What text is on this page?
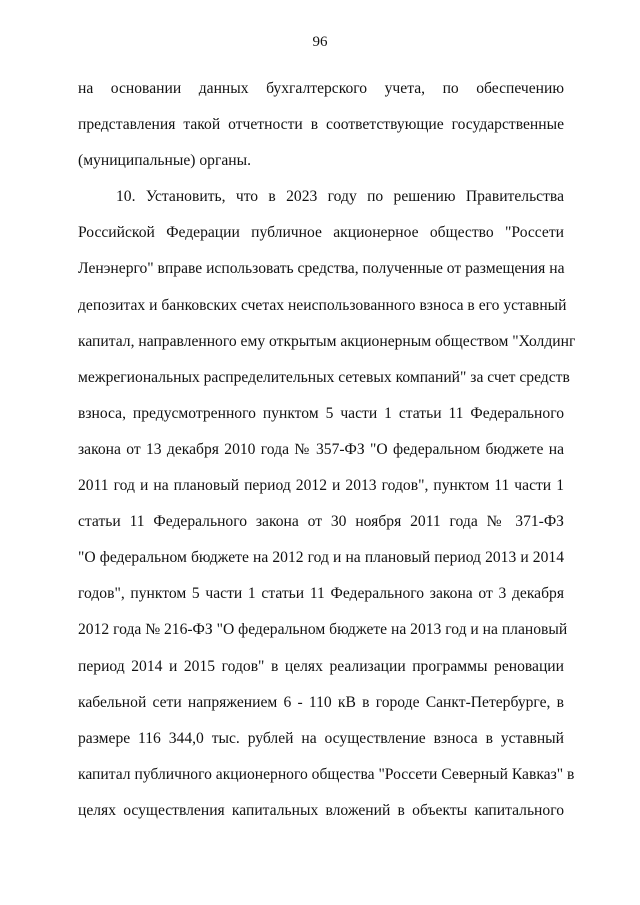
96
на основании данных бухгалтерского учета, по обеспечению
представления такой отчетности в соответствующие государственные
(муниципальные) органы.
10. Установить, что в 2023 году по решению Правительства
Российской Федерации публичное акционерное общество "Россети
Ленэнерго" вправе использовать средства, полученные от размещения на
депозитах и банковских счетах неиспользованного взноса в его уставный
капитал, направленного ему открытым акционерным обществом "Холдинг
межрегиональных распределительных сетевых компаний" за счет средств
взноса, предусмотренного пунктом 5 части 1 статьи 11 Федерального
закона от 13 декабря 2010 года № 357-ФЗ "О федеральном бюджете на
2011 год и на плановый период 2012 и 2013 годов", пунктом 11 части 1
статьи 11 Федерального закона от 30 ноября 2011 года № 371-ФЗ
"О федеральном бюджете на 2012 год и на плановый период 2013 и 2014
годов", пунктом 5 части 1 статьи 11 Федерального закона от 3 декабря
2012 года № 216-ФЗ "О федеральном бюджете на 2013 год и на плановый
период 2014 и 2015 годов" в целях реализации программы реновации
кабельной сети напряжением 6 - 110 кВ в городе Санкт-Петербурге, в
размере 116 344,0 тыс. рублей на осуществление взноса в уставный
капитал публичного акционерного общества "Россети Северный Кавказ" в
целях осуществления капитальных вложений в объекты капитального
